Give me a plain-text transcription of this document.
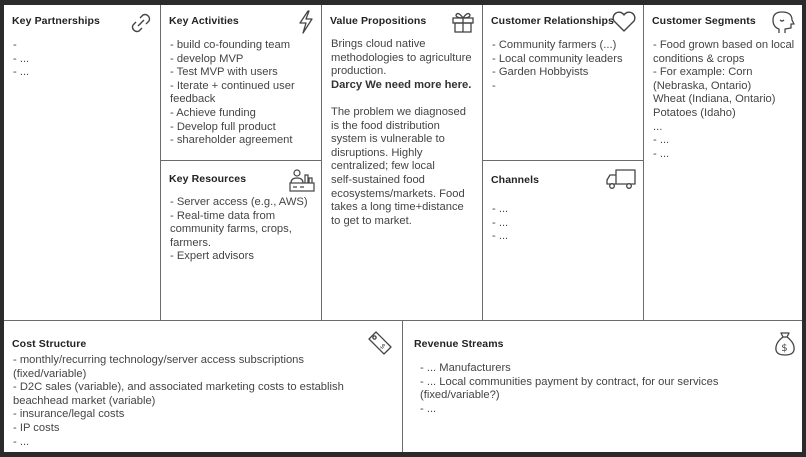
Key Partnerships
-
- ...
- ...
Key Activities
- build co-founding team
- develop MVP
- Test MVP with users
- Iterate + continued user
feedback
- Achieve funding
- Develop full product
- shareholder agreement
Key Resources
- Server access (e.g., AWS)
- Real-time data from
community farms, crops,
farmers.
- Expert advisors
Value Propositions
Brings cloud native
methodologies to agriculture
production.
Darcy We need more here.
The problem we diagnosed
is the food distribution
system is vulnerable to
disruptions. Highly
centralized; few local
self-sustained food
ecosystems/markets. Food
takes a long time+distance
to get to market.
Customer Relationships
- Community farmers (...)
- Local community leaders
- Garden Hobbyists
-
Channels
- ...
- ...
- ...
Customer Segments
- Food grown based on local
conditions & crops
- For example: Corn
(Nebraska, Ontario)
Wheat (Indiana, Ontario)
Potatoes (Idaho)
...
- ...
- ...
Cost Structure	$
- monthly/recurring technology/server access subscriptions
(fixed/variable)
- D2C sales (variable), and associated marketing costs to establish
beachhead market (variable)
- insurance/legal costs
- IP costs
- ...
Revenue Streams	$
- ... Manufacturers
- ... Local communities payment by contract, for our services
(fixed/variable?)
- ...
